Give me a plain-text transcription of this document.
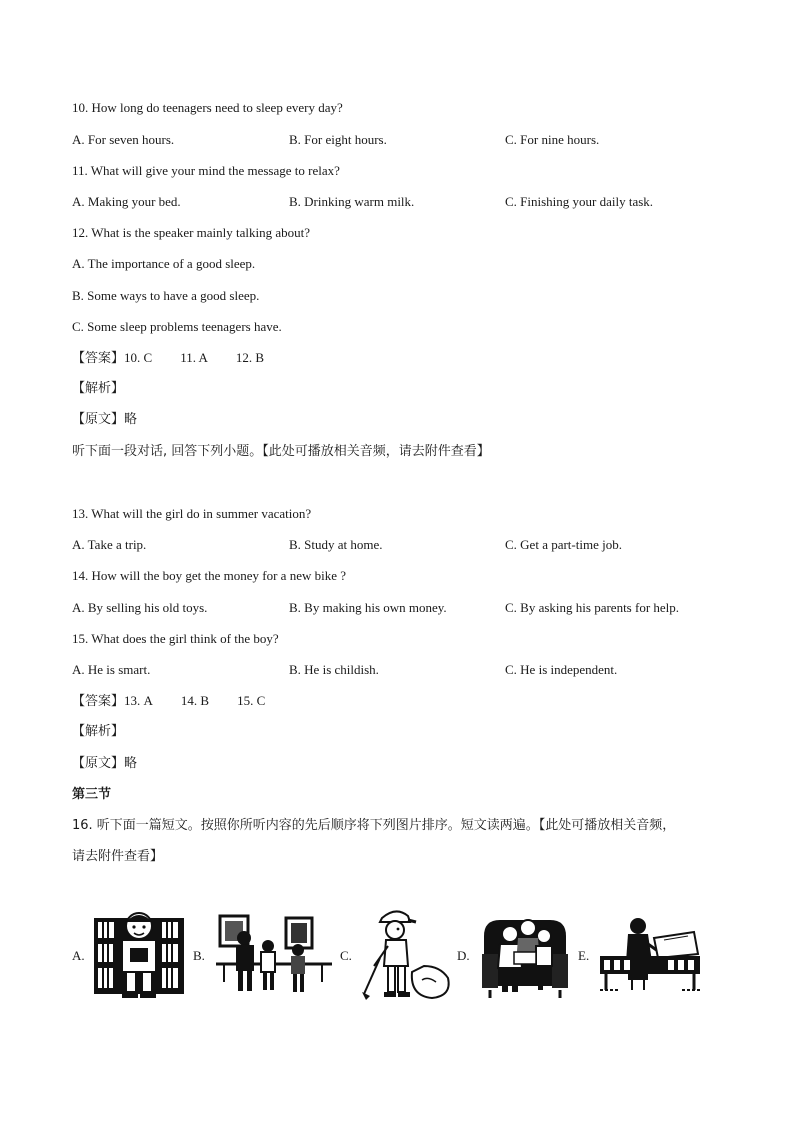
10. How long do teenagers need to sleep every day?
A. For seven hours.	B. For eight hours.	C. For nine hours.
11. What will give your mind the message to relax?
A. Making your bed.	B. Drinking warm milk.	C. Finishing your daily task.
12. What is the speaker mainly talking about?
A. The importance of a good sleep.
B. Some ways to have a good sleep.
C. Some sleep problems teenagers have.
【答案】10. C 11. A 12. B
【解析】
【原文】略
听下面一段对话, 回答下列小题。【此处可播放相关音频，请去附件查看】
13. What will the girl do in summer vacation?
A. Take a trip.	B. Study at home.	C. Get a part-time job.
14. How will the boy get the money for a new bike ?
A. By selling his old toys.	B. By making his own money.	C. By asking his parents for help.
15. What does the girl think of the boy?
A. He is smart.	B. He is childish.	C. He is independent.
【答案】13. A 14. B 15. C
【解析】
【原文】略
第三节
16. 听下面一篇短文。按照你所听内容的先后顺序将下列图片排序。短文读两遍。【此处可播放相关音频，
请去附件查看】
A.	B.	C.	D.	E.
